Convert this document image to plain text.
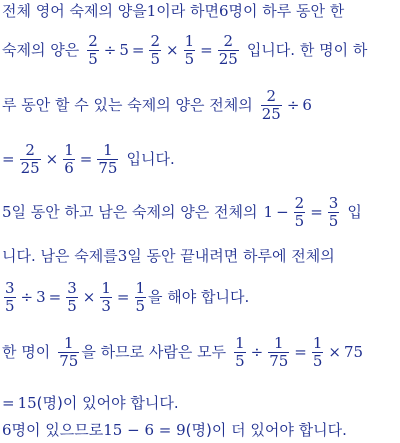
전체 영어 숙제의 양을 1 이라 하면 6 명이 하루 동안 한
숙제의 양은 $\frac{2}{5} \div 5 = \frac{2}{5} \times \frac{1}{5} = \frac{2}{25}$ 입니다. 한 명이 하
루 동안 할 수 있는 숙제의 양은 전체의 $\frac{2}{25} \div 6$
= $\frac{2}{25} \times \frac{1}{6} = \frac{1}{75}$ 입니다.
5 일 동안 하고 남은 숙제의 양은 전체의 $1 - \frac{2}{5} = \frac{3}{5}$ 입
니다. 남은 숙제를 3 일 동안 끝내려면 하루에 전체의
$\frac{3}{5} \div 3 = \frac{3}{5} \times \frac{1}{3} = \frac{1}{5}$ 을 해야 합니다.
한 명이 $\frac{1}{75}$ 을 하므로 사람은 모두 $\frac{1}{5} \div \frac{1}{75} = \frac{1}{5} \times 75$
= 15 (명)이 있어야 합니다.
6 명이 있으므로 15 − 6 = 9 (명)이 더 있어야 합니다.
